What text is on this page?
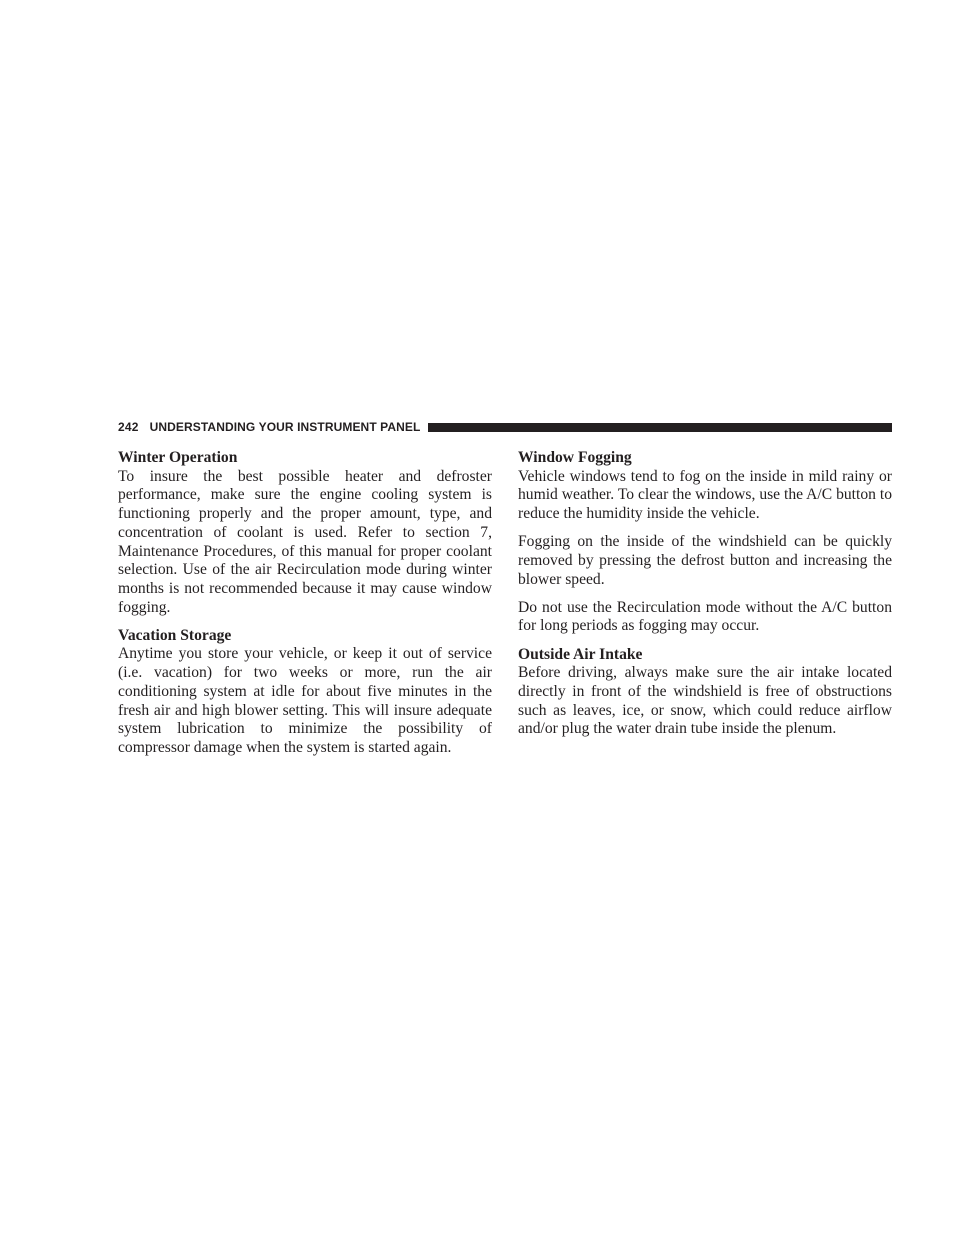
242 UNDERSTANDING YOUR INSTRUMENT PANEL

Winter Operation

To insure the best possible heater and defroster performance, make sure the engine cooling system is functioning properly and the proper amount, type, and concentration of coolant is used. Refer to section 7, Maintenance Procedures, of this manual for proper coolant selection. Use of the air Recirculation mode during winter months is not recommended because it may cause window fogging.

Vacation Storage

Anytime you store your vehicle, or keep it out of service (i.e. vacation) for two weeks or more, run the air conditioning system at idle for about five minutes in the fresh air and high blower setting. This will insure adequate system lubrication to minimize the possibility of compressor damage when the system is started again.

Window Fogging

Vehicle windows tend to fog on the inside in mild rainy or humid weather. To clear the windows, use the A/C button to reduce the humidity inside the vehicle.

Fogging on the inside of the windshield can be quickly removed by pressing the defrost button and increasing the blower speed.

Do not use the Recirculation mode without the A/C button for long periods as fogging may occur.

Outside Air Intake

Before driving, always make sure the air intake located directly in front of the windshield is free of obstructions such as leaves, ice, or snow, which could reduce airflow and/or plug the water drain tube inside the plenum.
